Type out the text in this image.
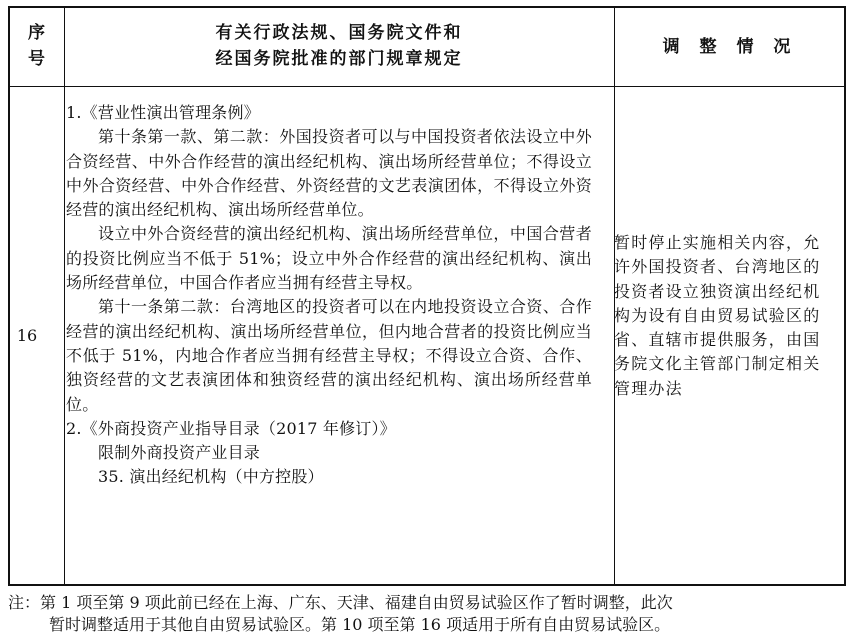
序
号
有关行政法规、国务院文件和
经国务院批准的部门规章规定
调 整 情 况
16

1.《营业性演出管理条例》

第十条第一款、第二款：外国投资者可以与中国投资者依法设立中外合资经营、中外合作经营的演出经纪机构、演出场所经营单位；不得设立中外合资经营、中外合作经营、外资经营的文艺表演团体，不得设立外资经营的演出经纪机构、演出场所经营单位。

设立中外合资经营的演出经纪机构、演出场所经营单位，中国合营者的投资比例应当不低于 51%；设立中外合作经营的演出经纪机构、演出场所经营单位，中国合作者应当拥有经营主导权。

第十一条第二款：台湾地区的投资者可以在内地投资设立合资、合作经营的演出经纪机构、演出场所经营单位，但内地合营者的投资比例应当不低于 51%，内地合作者应当拥有经营主导权；不得设立合资、合作、独资经营的文艺表演团体和独资经营的演出经纪机构、演出场所经营单位。

2.《外商投资产业指导目录（2017 年修订）》

限制外商投资产业目录

35. 演出经纪机构（中方控股）

暂时停止实施相关内容，允许外国投资者、台湾地区的投资者设立独资演出经纪机构为设有自由贸易试验区的省、直辖市提供服务，由国务院文化主管部门制定相关管理办法
注：第 1 项至第 9 项此前已经在上海、广东、天津、福建自由贸易试验区作了暂时调整，此次
暂时调整适用于其他自由贸易试验区。第 10 项至第 16 项适用于所有自由贸易试验区。
